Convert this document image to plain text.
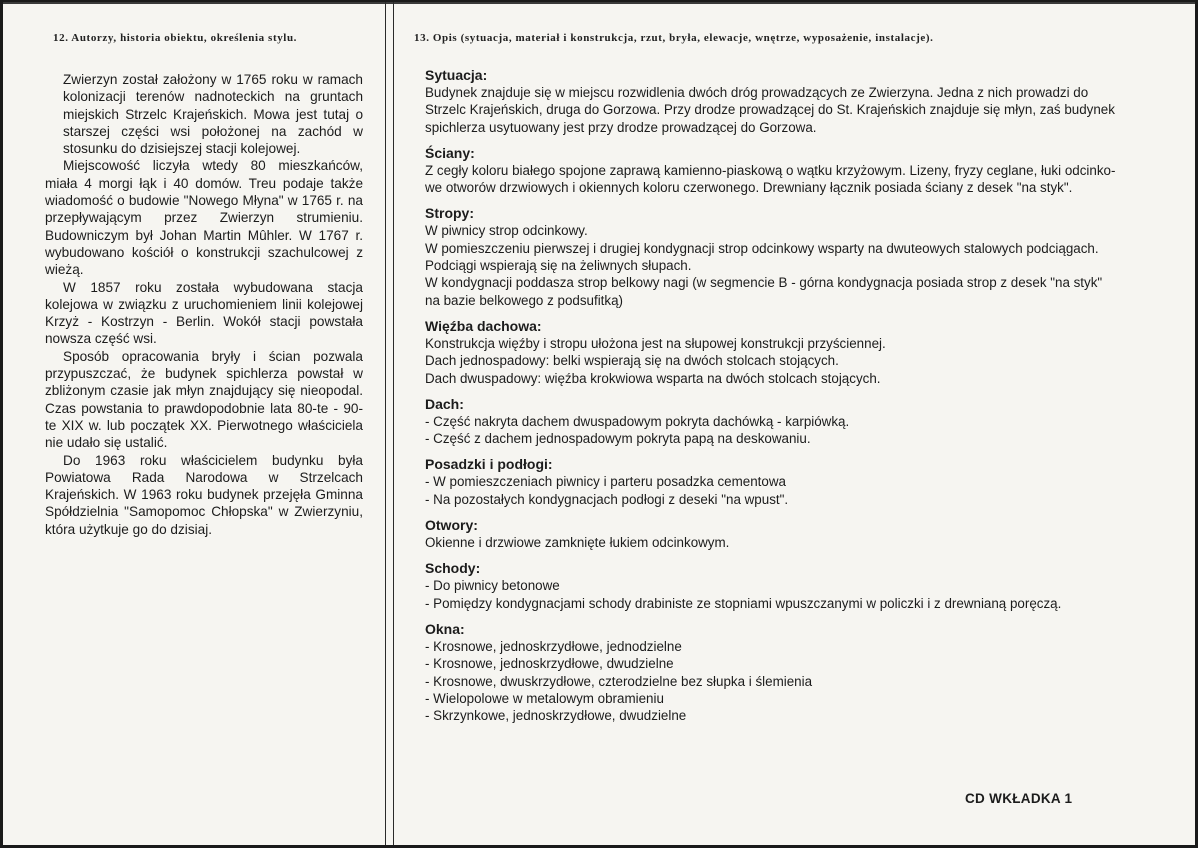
12. Autorzy, historia obiektu, określenia stylu.

Zwierzyn został założony w 1765 roku w ramach kolonizacji terenów nadnoteckich na gruntach miejskich Strzelc Krajeńskich. Mowa jest tutaj o starszej części wsi położonej na zachód w stosunku do dzisiejszej stacji kolejowej.

Miejscowość liczyła wtedy 80 mieszkańców, miała 4 morgi łąk i 40 domów. Treu podaje także wiadomość o budowie "Nowego Młyna" w 1765 r. na przepływającym przez Zwierzyn strumieniu. Budowniczym był Johan Martin Mûhler. W 1767 r. wybudowano kościół o konstrukcji szachulcowej z wieżą.

W 1857 roku została wybudowana stacja kolejowa w związku z uruchomieniem linii kolejowej Krzyż - Kostrzyn - Berlin. Wokół stacji powstała nowsza część wsi.

Sposób opracowania bryły i ścian pozwala przypuszczać, że budynek spichlerza powstał w zbliżonym czasie jak młyn znajdujący się nieopodal. Czas powstania to prawdopodobnie lata 80-te - 90-te XIX w. lub początek XX. Pierwotnego właściciela nie udało się ustalić.

Do 1963 roku właścicielem budynku była Powiatowa Rada Narodowa w Strzelcach Krajeńskich. W 1963 roku budynek przejęła Gminna Spółdzielnia "Samopomoc Chłopska" w Zwierzyniu, która użytkuje go do dzisiaj.

13. Opis (sytuacja, materiał i konstrukcja, rzut, bryła, elewacje, wnętrze, wyposażenie, instalacje).
Sytuacja:
Budynek znajduje się w miejscu rozwidlenia dwóch dróg prowadzących ze Zwierzyna. Jedna z nich prowadzi do
Strzelc Krajeńskich, druga do Gorzowa. Przy drodze prowadzącej do St. Krajeńskich znajduje się młyn, zaś budynek
spichlerza usytuowany jest przy drodze prowadzącej do Gorzowa.
Ściany:
Z cegły koloru białego spojone zaprawą kamienno-piaskową o wątku krzyżowym. Lizeny, fryzy ceglane, łuki odcinko-
we otworów drzwiowych i okiennych koloru czerwonego. Drewniany łącznik posiada ściany z desek "na styk".
Stropy:
W piwnicy strop odcinkowy.
W pomieszczeniu pierwszej i drugiej kondygnacji strop odcinkowy wsparty na dwuteowych stalowych podciągach.
Podciągi wspierają się na żeliwnych słupach.
W kondygnacji poddasza strop belkowy nagi (w segmencie B - górna kondygnacja posiada strop z desek "na styk"
na bazie belkowego z podsufitką)
Więźba dachowa:
Konstrukcja więźby i stropu ułożona jest na słupowej konstrukcji przyściennej.
Dach jednospadowy: belki wspierają się na dwóch stolcach stojących.
Dach dwuspadowy: więźba krokwiowa wsparta na dwóch stolcach stojących.
Dach:
- Część nakryta dachem dwuspadowym pokryta dachówką - karpiówką.
- Część z dachem jednospadowym pokryta papą na deskowaniu.
Posadzki i podłogi:
- W pomieszczeniach piwnicy i parteru posadzka cementowa
- Na pozostałych kondygnacjach podłogi z deseki "na wpust".
Otwory:
Okienne i drzwiowe zamknięte łukiem odcinkowym.
Schody:
- Do piwnicy betonowe
- Pomiędzy kondygnacjami schody drabiniste ze stopniami wpuszczanymi w policzki i z drewnianą poręczą.
Okna:
- Krosnowe, jednoskrzydłowe, jednodzielne
- Krosnowe, jednoskrzydłowe, dwudzielne
- Krosnowe, dwuskrzydłowe, czterodzielne bez słupka i ślemienia
- Wielopolowe w metalowym obramieniu
- Skrzynkowe, jednoskrzydłowe, dwudzielne
CD WKŁADKA 1
